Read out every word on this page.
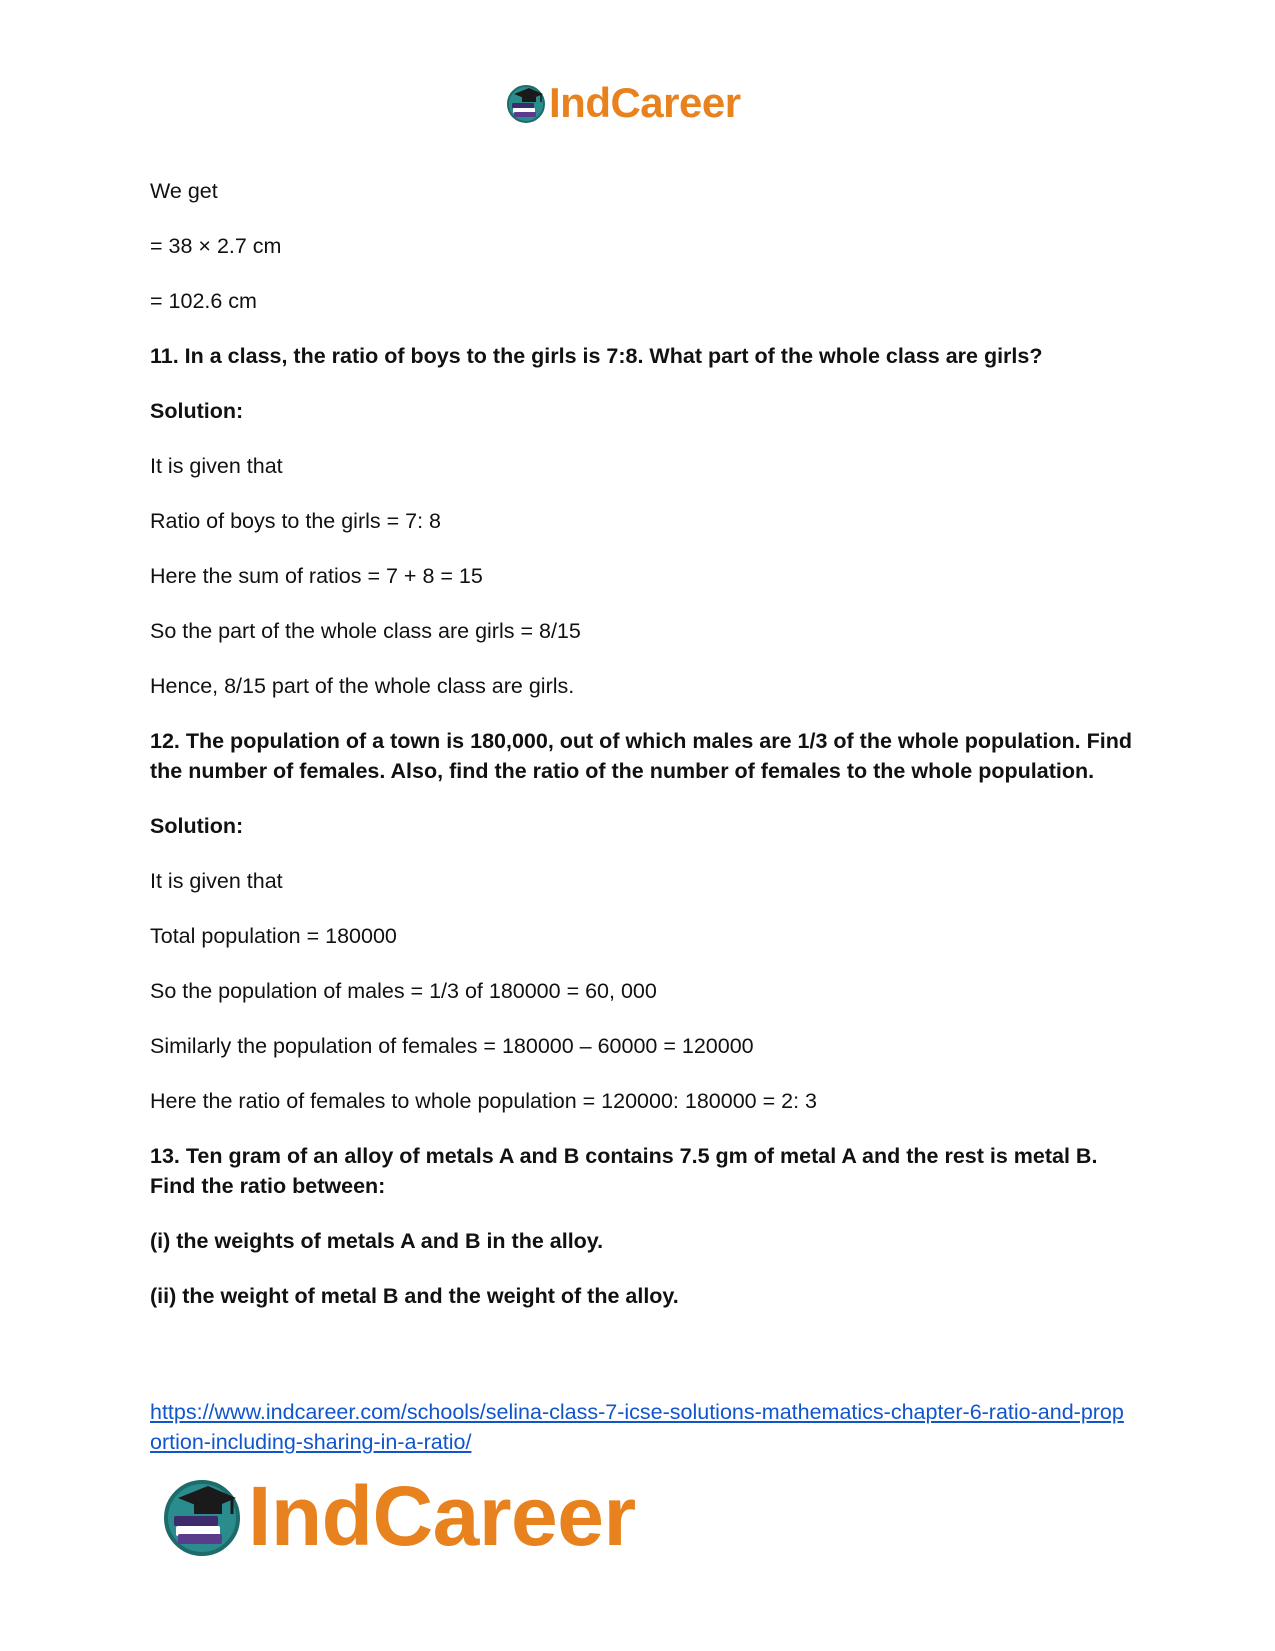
IndCareer

We get

= 38 × 2.7 cm

= 102.6 cm

11. In a class, the ratio of boys to the girls is 7:8. What part of the whole class are girls?

Solution:

It is given that

Ratio of boys to the girls = 7: 8

Here the sum of ratios = 7 + 8 = 15

So the part of the whole class are girls = 8/15

Hence, 8/15 part of the whole class are girls.

12. The population of a town is 180,000, out of which males are 1/3 of the whole population. Find the number of females. Also, find the ratio of the number of females to the whole population.

Solution:

It is given that

Total population = 180000

So the population of males = 1/3 of 180000 = 60, 000

Similarly the population of females = 180000 – 60000 = 120000

Here the ratio of females to whole population = 120000: 180000 = 2: 3

13. Ten gram of an alloy of metals A and B contains 7.5 gm of metal A and the rest is metal B. Find the ratio between:

(i) the weights of metals A and B in the alloy.

(ii) the weight of metal B and the weight of the alloy.

https://www.indcareer.com/schools/selina-class-7-icse-solutions-mathematics-chapter-6-ratio-and-proportion-including-sharing-in-a-ratio/
IndCareer
